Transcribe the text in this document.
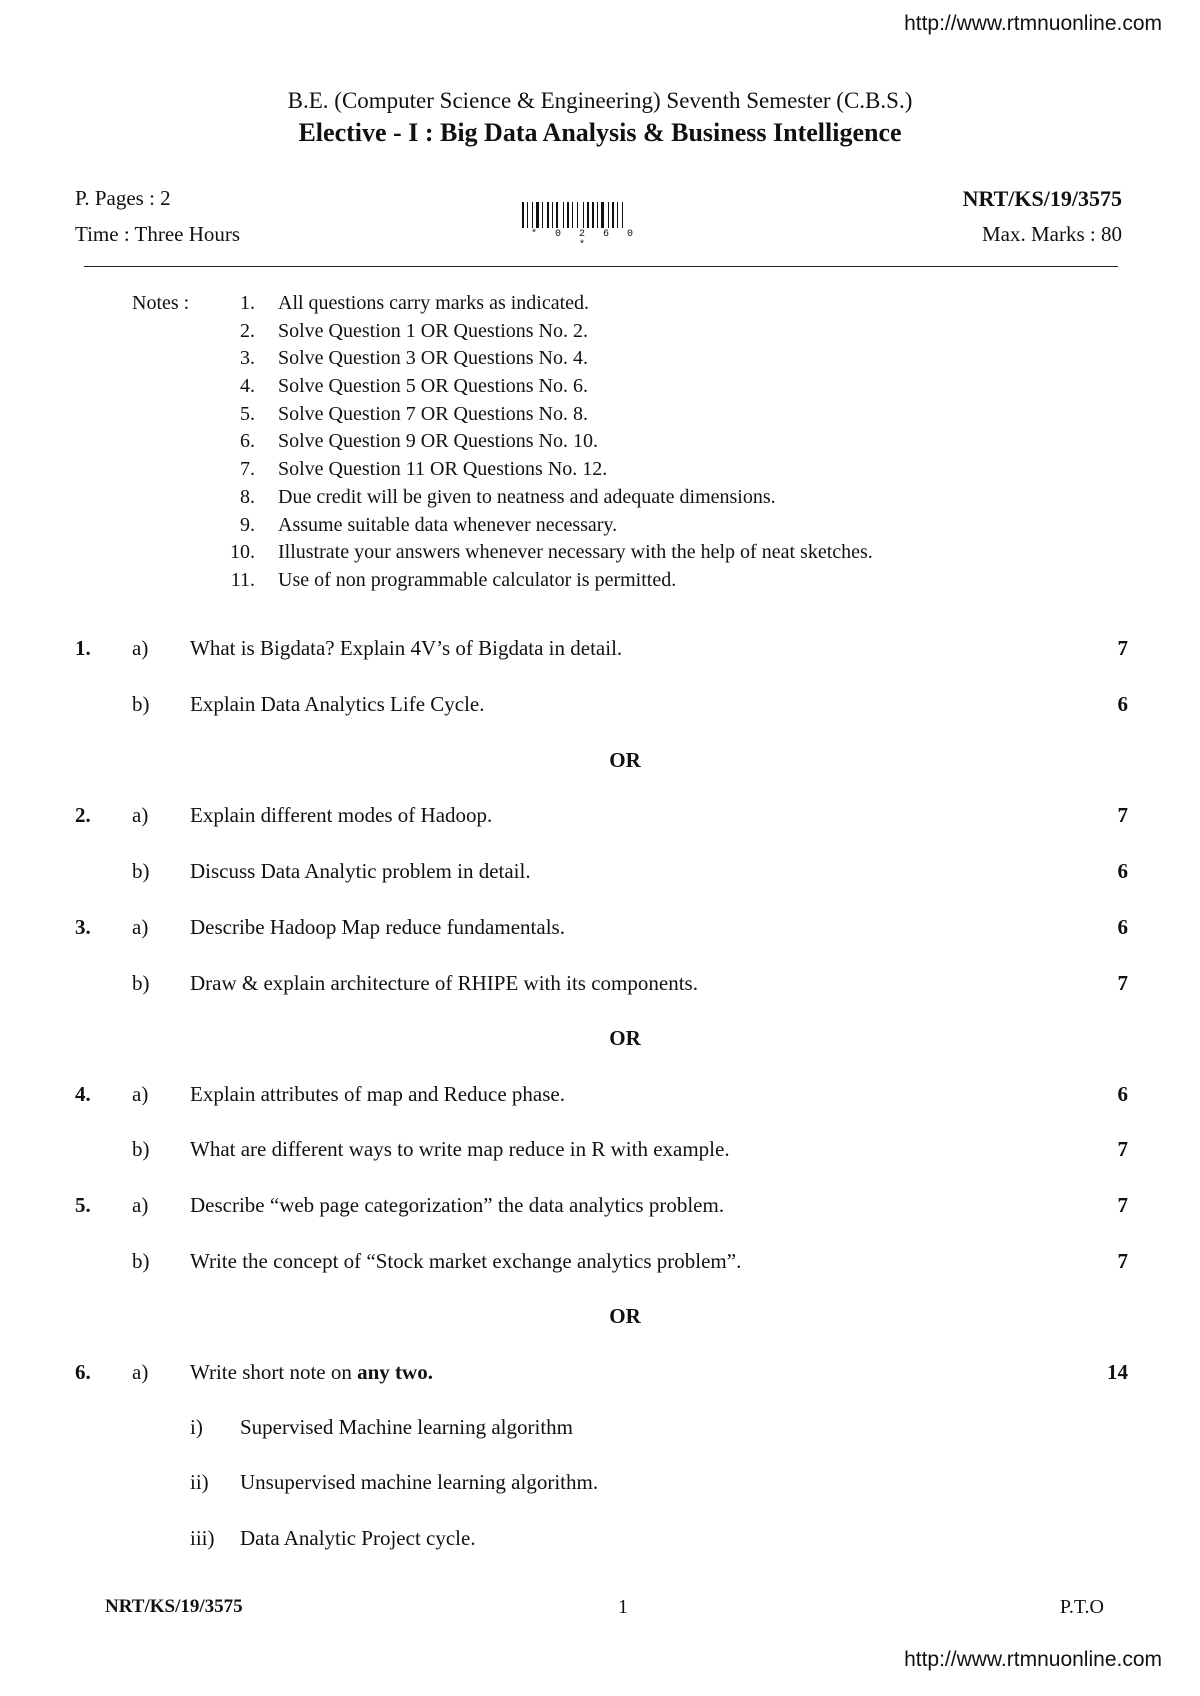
http://www.rtmnuonline.com
B.E. (Computer Science & Engineering) Seventh Semester (C.B.S.)
Elective - I : Big Data Analysis & Business Intelligence
P. Pages : 2
Time : Three Hours	* 0 2 6 0 *
NRT/KS/19/3575
Max. Marks : 80
Notes :	1. All questions carry marks as indicated.
2. Solve Question 1 OR Questions No. 2.
3. Solve Question 3 OR Questions No. 4.
4. Solve Question 5 OR Questions No. 6.
5. Solve Question 7 OR Questions No. 8.
6. Solve Question 9 OR Questions No. 10.
7. Solve Question 11 OR Questions No. 12.
8. Due credit will be given to neatness and adequate dimensions.
9. Assume suitable data whenever necessary.
10. Illustrate your answers whenever necessary with the help of neat sketches.
11. Use of non programmable calculator is permitted.
1. a) What is Bigdata? Explain 4V’s of Bigdata in detail.	7
b) Explain Data Analytics Life Cycle.	6
OR
2. a) Explain different modes of Hadoop.	7
b) Discuss Data Analytic problem in detail.	6
3. a) Describe Hadoop Map reduce fundamentals.	6
b) Draw & explain architecture of RHIPE with its components.	7
OR
4. a) Explain attributes of map and Reduce phase.	6
b) What are different ways to write map reduce in R with example.	7
5. a) Describe “web page categorization” the data analytics problem.	7
b) Write the concept of “Stock market exchange analytics problem”.	7
OR
6. a) Write short note on any two.	14
i) Supervised Machine learning algorithm
ii) Unsupervised machine learning algorithm.
iii) Data Analytic Project cycle.
NRT/KS/19/3575	1	P.T.O
http://www.rtmnuonline.com
